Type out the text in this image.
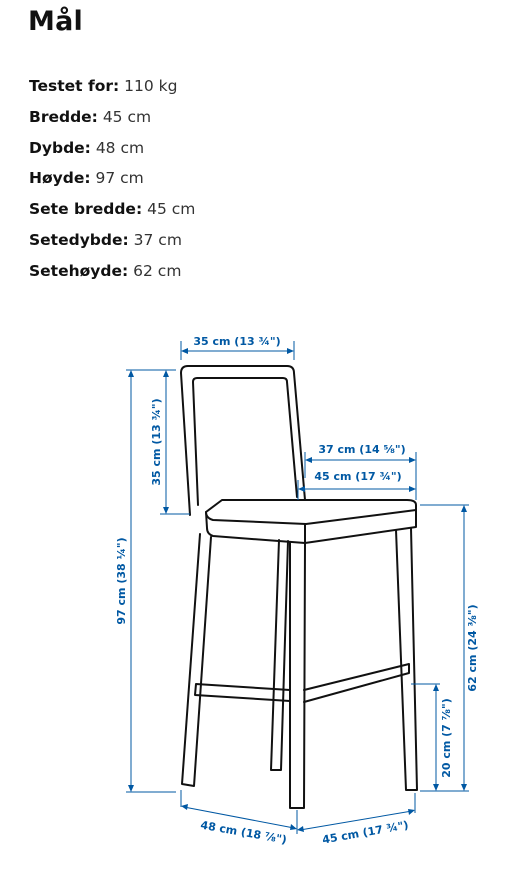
Mål
Testet for: 110 kg
Bredde: 45 cm
Dybde: 48 cm
Høyde: 97 cm
Sete bredde: 45 cm
Setedybde: 37 cm
Setehøyde: 62 cm
35 cm (13 ¾")
97 cm (38 ¼")
35 cm (13 ¾")	37 cm (14 ⅝")
45 cm (17 ¾")
62 cm (24 ⅜")
20 cm (7 ⅞")
48 cm (18 ⅞")	45 cm (17 ¾")
